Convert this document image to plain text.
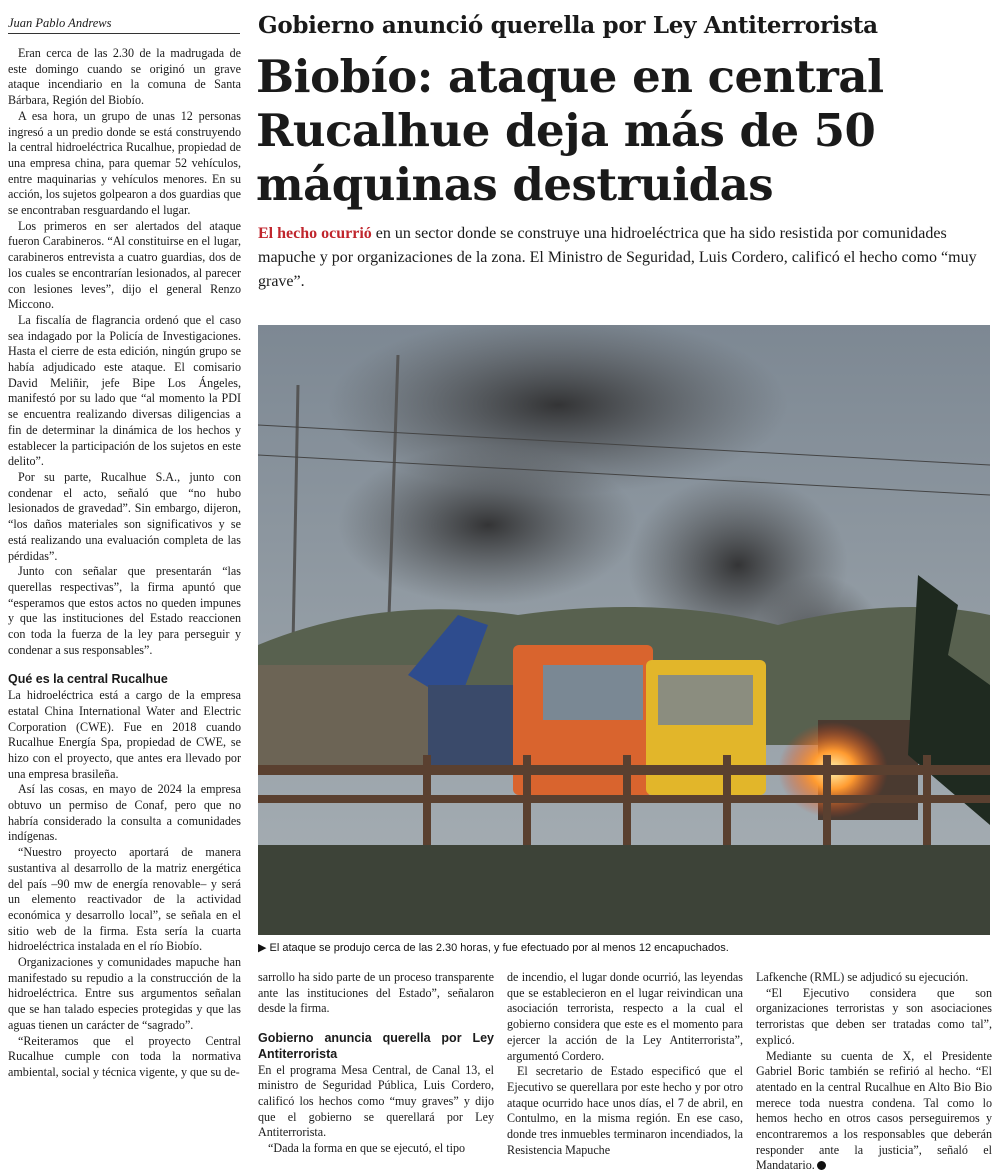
Juan Pablo Andrews

Eran cerca de las 2.30 de la madrugada de este domingo cuando se originó un grave ataque incendiario en la comuna de Santa Bárbara, Región del Biobío.

A esa hora, un grupo de unas 12 personas ingresó a un predio donde se está construyendo la central hidroeléctrica Rucalhue, propiedad de una empresa china, para quemar 52 vehículos, entre maquinarias y vehículos menores. En su acción, los sujetos golpearon a dos guardias que se encontraban resguardando el lugar.

Los primeros en ser alertados del ataque fueron Carabineros. “Al constituirse en el lugar, carabineros entrevista a cuatro guardias, dos de los cuales se encontrarían lesionados, al parecer con lesiones leves”, dijo el general Renzo Miccono.

La fiscalía de flagrancia ordenó que el caso sea indagado por la Policía de Investigaciones. Hasta el cierre de esta edición, ningún grupo se había adjudicado este ataque. El comisario David Meliñir, jefe Bipe Los Ángeles, manifestó por su lado que “al momento la PDI se encuentra realizando diversas diligencias a fin de determinar la dinámica de los hechos y establecer la participación de los sujetos en este delito”.

Por su parte, Rucalhue S.A., junto con condenar el acto, señaló que “no hubo lesionados de gravedad”. Sin embargo, dijeron, “los daños materiales son significativos y se está realizando una evaluación completa de las pérdidas”.

Junto con señalar que presentarán “las querellas respectivas”, la firma apuntó que “esperamos que estos actos no queden impunes y que las instituciones del Estado reaccionen con toda la fuerza de la ley para perseguir y condenar a sus responsables”.

Qué es la central Rucalhue

La hidroeléctrica está a cargo de la empresa estatal China International Water and Electric Corporation (CWE). Fue en 2018 cuando Rucalhue Energía Spa, propiedad de CWE, se hizo con el proyecto, que antes era llevado por una empresa brasileña.

Así las cosas, en mayo de 2024 la empresa obtuvo un permiso de Conaf, pero que no habría considerado la consulta a comunidades indígenas.

“Nuestro proyecto aportará de manera sustantiva al desarrollo de la matriz energética del país –90 mw de energía renovable– y será un elemento reactivador de la actividad económica y desarrollo local”, se señala en el sitio web de la firma. Esta sería la cuarta hidroeléctrica instalada en el río Biobío.

Organizaciones y comunidades mapuche han manifestado su repudio a la construcción de la hidroeléctrica. Entre sus argumentos señalan que se han talado especies protegidas y que las aguas tienen un carácter de “sagrado”.

“Reiteramos que el proyecto Central Rucalhue cumple con toda la normativa ambiental, social y técnica vigente, y que su de-

Gobierno anunció querella por Ley Antiterrorista
Biobío: ataque en central Rucalhue deja más de 50 máquinas destruidas
El hecho ocurrió en un sector donde se construye una hidroeléctrica que ha sido resistida por comunidades mapuche y por organizaciones de la zona. El Ministro de Seguridad, Luis Cordero, calificó el hecho como “muy grave”.
▶ El ataque se produjo cerca de las 2.30 horas, y fue efectuado por al menos 12 encapuchados.

sarrollo ha sido parte de un proceso transparente ante las instituciones del Estado”, señalaron desde la firma.

Gobierno anuncia querella por Ley Antiterrorista

En el programa Mesa Central, de Canal 13, el ministro de Seguridad Pública, Luis Cordero, calificó los hechos como “muy graves” y dijo que el gobierno se querellará por Ley Antiterrorista.

“Dada la forma en que se ejecutó, el tipo

de incendio, el lugar donde ocurrió, las leyendas que se establecieron en el lugar reivindican una asociación terrorista, respecto a la cual el gobierno considera que este es el momento para ejercer la acción de la Ley Antiterrorista”, argumentó Cordero.

El secretario de Estado especificó que el Ejecutivo se querellara por este hecho y por otro ataque ocurrido hace unos días, el 7 de abril, en Contulmo, en la misma región. En ese caso, donde tres inmuebles terminaron incendiados, la Resistencia Mapuche

Lafkenche (RML) se adjudicó su ejecución.

“El Ejecutivo considera que son organizaciones terroristas y son asociaciones terroristas que deben ser tratadas como tal”, explicó.

Mediante su cuenta de X, el Presidente Gabriel Boric también se refirió al hecho. “El atentado en la central Rucalhue en Alto Bio Bio merece toda nuestra condena. Tal como lo hemos hecho en otros casos perseguiremos y encontraremos a los responsables que deberán responder ante la justicia”, señaló el Mandatario.
